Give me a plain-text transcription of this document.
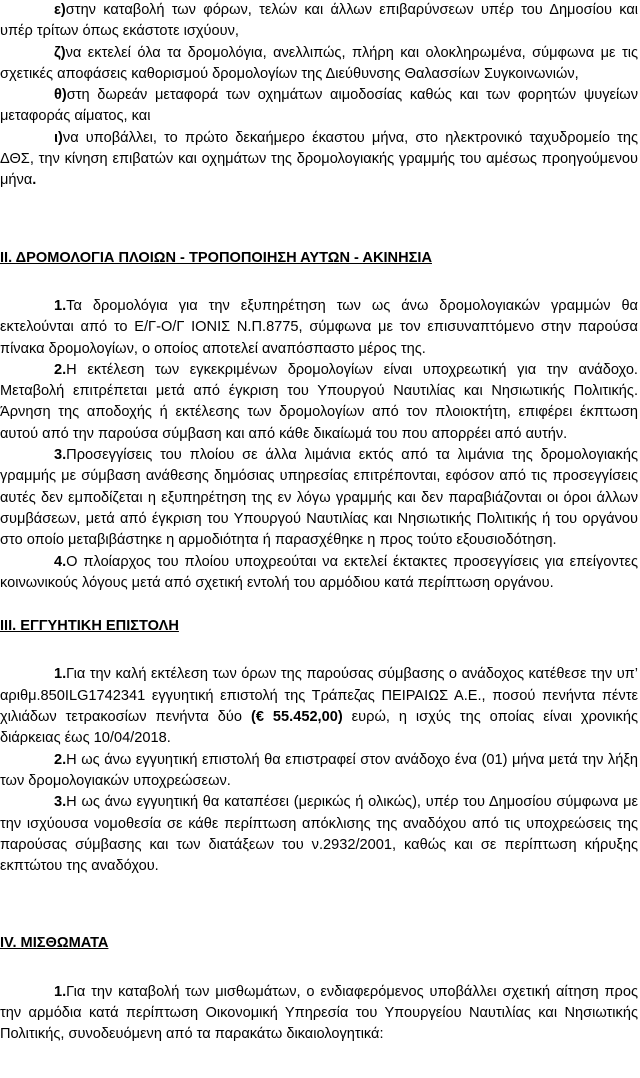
ε)στην καταβολή των φόρων, τελών και άλλων επιβαρύνσεων υπέρ του Δημοσίου και υπέρ τρίτων όπως εκάστοτε ισχύουν,

ζ)να εκτελεί όλα τα δρομολόγια, ανελλιπώς, πλήρη και ολοκληρωμένα, σύμφωνα με τις σχετικές αποφάσεις καθορισμού δρομολογίων της Διεύθυνσης Θαλασσίων Συγκοινωνιών,

θ)στη δωρεάν μεταφορά των οχημάτων αιμοδοσίας καθώς και των φορητών ψυγείων μεταφοράς αίματος, και

ι)να υποβάλλει, το πρώτο δεκαήμερο έκαστου μήνα, στο ηλεκτρονικό ταχυδρομείο της ΔΘΣ, την κίνηση επιβατών και οχημάτων της δρομολογιακής γραμμής του αμέσως προηγούμενου μήνα.

ΙΙ. ΔΡΟΜΟΛΟΓΙΑ ΠΛΟΙΩΝ - ΤΡΟΠΟΠΟΙΗΣΗ ΑΥΤΩΝ - ΑΚΙΝΗΣΙΑ

1.Τα δρομολόγια για την εξυπηρέτηση των ως άνω δρομολογιακών γραμμών θα εκτελούνται από το Ε/Γ-Ο/Γ ΙΟΝΙΣ Ν.Π.8775, σύμφωνα με τον επισυναπτόμενο στην παρούσα πίνακα δρομολογίων, ο οποίος αποτελεί αναπόσπαστο μέρος της.

2.Η εκτέλεση των εγκεκριμένων δρομολογίων είναι υποχρεωτική για την ανάδοχο. Μεταβολή επιτρέπεται μετά από έγκριση του Υπουργού Ναυτιλίας και Νησιωτικής Πολιτικής. Άρνηση της αποδοχής ή εκτέλεσης των δρομολογίων από τον πλοιοκτήτη, επιφέρει έκπτωση αυτού από την παρούσα σύμβαση και από κάθε δικαίωμά του που απορρέει από αυτήν.

3.Προσεγγίσεις του πλοίου σε άλλα λιμάνια εκτός από τα λιμάνια της δρομολογιακής γραμμής με σύμβαση ανάθεσης δημόσιας υπηρεσίας επιτρέπονται, εφόσον από τις προσεγγίσεις αυτές δεν εμποδίζεται η εξυπηρέτηση της εν λόγω γραμμής και δεν παραβιάζονται οι όροι άλλων συμβάσεων, μετά από έγκριση του Υπουργού Ναυτιλίας και Νησιωτικής Πολιτικής ή του οργάνου στο οποίο μεταβιβάστηκε η αρμοδιότητα ή παρασχέθηκε η προς τούτο εξουσιοδότηση.

4.Ο πλοίαρχος του πλοίου υποχρεούται να εκτελεί έκτακτες προσεγγίσεις για επείγοντες κοινωνικούς λόγους μετά από σχετική εντολή του αρμόδιου κατά περίπτωση οργάνου.

ΙΙΙ. ΕΓΓΥΗΤΙΚΗ ΕΠΙΣΤΟΛΗ

1.Για την καλή εκτέλεση των όρων της παρούσας σύμβασης ο ανάδοχος κατέθεσε την υπ’ αριθμ.850ILG1742341 εγγυητική επιστολή της Τράπεζας ΠΕΙΡΑΙΩΣ Α.Ε., ποσού πενήντα πέντε χιλιάδων τετρακοσίων πενήντα δύο (€ 55.452,00) ευρώ, η ισχύς της οποίας είναι χρονικής διάρκειας έως 10/04/2018.

2.Η ως άνω εγγυητική επιστολή θα επιστραφεί στον ανάδοχο ένα (01) μήνα μετά την λήξη των δρομολογιακών υποχρεώσεων.

3.Η ως άνω εγγυητική θα καταπέσει (μερικώς ή ολικώς), υπέρ του Δημοσίου σύμφωνα με την ισχύουσα νομοθεσία σε κάθε περίπτωση απόκλισης της αναδόχου από τις υποχρεώσεις της παρούσας σύμβασης και των διατάξεων του ν.2932/2001, καθώς και σε περίπτωση κήρυξης εκπτώτου της αναδόχου.

IV. ΜΙΣΘΩΜΑΤΑ

1.Για την καταβολή των μισθωμάτων, ο ενδιαφερόμενος υποβάλλει σχετική αίτηση προς την αρμόδια κατά περίπτωση Οικονομική Υπηρεσία του Υπουργείου Ναυτιλίας και Νησιωτικής Πολιτικής, συνοδευόμενη από τα παρακάτω δικαιολογητικά:
